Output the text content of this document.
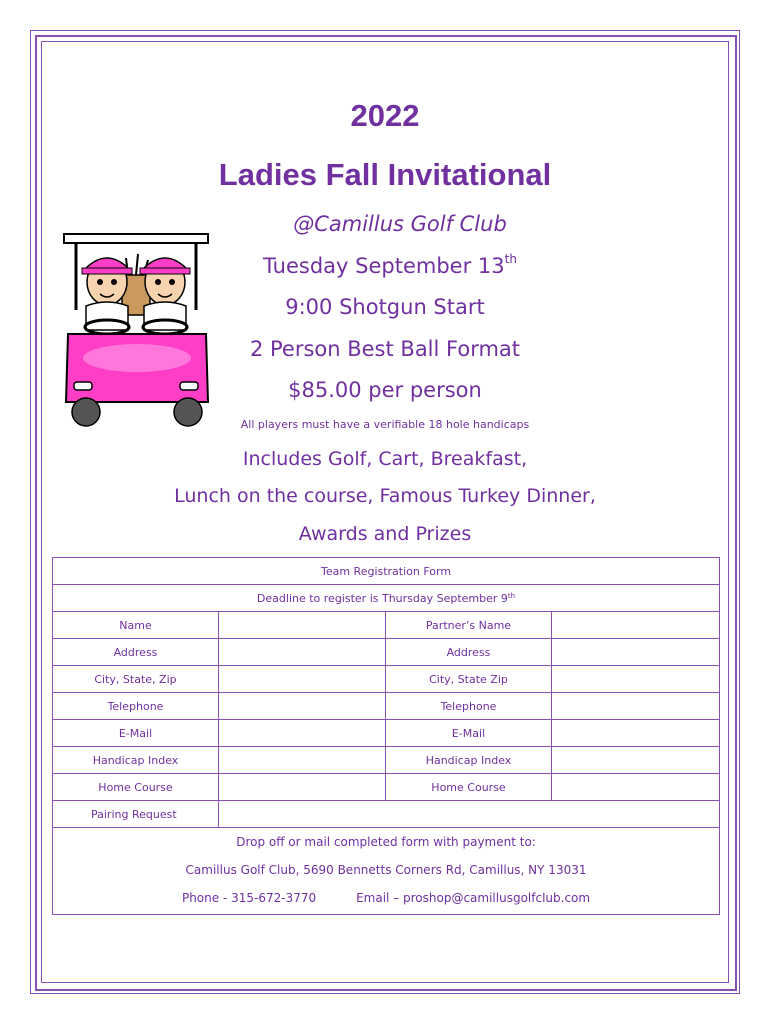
2022
Ladies Fall Invitational
@Camillus Golf Club
Tuesday September 13th
9:00 Shotgun Start
2 Person Best Ball Format
$85.00 per person
All players must have a verifiable 18 hole handicaps
Includes Golf, Cart, Breakfast,
Lunch on the course, Famous Turkey Dinner,
Awards and Prizes
Team Registration Form			
Deadline to register is Thursday September 9th
Name		Partner’s Name	
Address		Address	
City, State, Zip		City, State Zip	
Telephone		Telephone	
E-Mail		E-Mail	
Handicap Index		Handicap Index	
Home Course		Home Course	
Pairing Request			

Drop off or mail completed form with payment to:
Camillus Golf Club, 5690 Bennetts Corners Rd, Camillus, NY 13031
Phone - 315-672-3770 Email – proshop@camillusgolfclub.com			
